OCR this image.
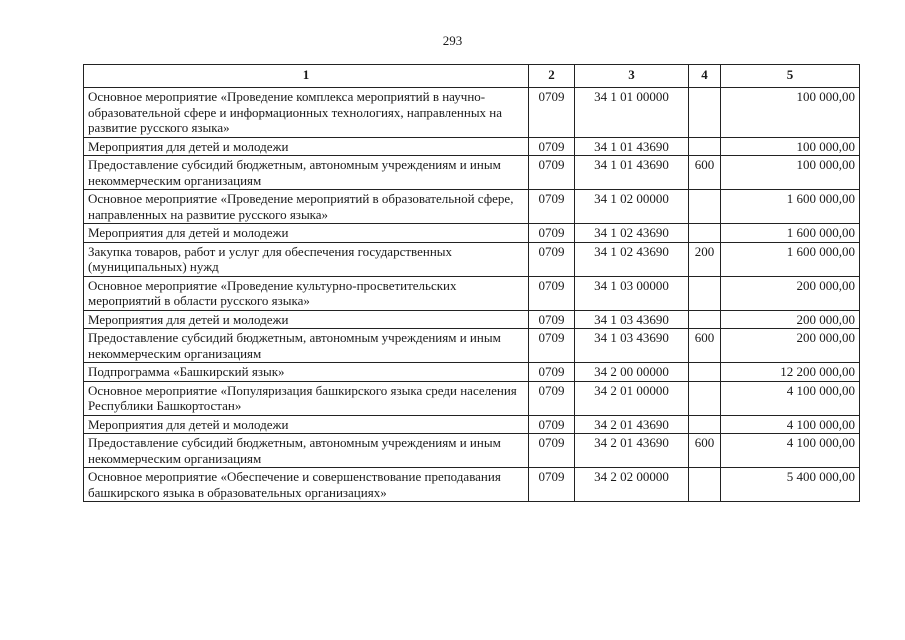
293
1	2	3	4	5
Основное мероприятие «Проведение комплекса мероприятий в научно-образовательной сфере и информационных технологиях, направленных на развитие русского языка»	0709	34 1 01 00000		100 000,00
Мероприятия для детей и молодежи	0709	34 1 01 43690		100 000,00
Предоставление субсидий бюджетным, автономным учреждениям и иным некоммерческим организациям	0709	34 1 01 43690	600	100 000,00
Основное мероприятие «Проведение мероприятий в образовательной сфере, направленных на развитие русского языка»	0709	34 1 02 00000		1 600 000,00
Мероприятия для детей и молодежи	0709	34 1 02 43690		1 600 000,00
Закупка товаров, работ и услуг для обеспечения государственных (муниципальных) нужд	0709	34 1 02 43690	200	1 600 000,00
Основное мероприятие «Проведение культурно-просветительских мероприятий в области русского языка»	0709	34 1 03 00000		200 000,00
Мероприятия для детей и молодежи	0709	34 1 03 43690		200 000,00
Предоставление субсидий бюджетным, автономным учреждениям и иным некоммерческим организациям	0709	34 1 03 43690	600	200 000,00
Подпрограмма «Башкирский язык»	0709	34 2 00 00000		12 200 000,00
Основное мероприятие «Популяризация башкирского языка среди населения Республики Башкортостан»	0709	34 2 01 00000		4 100 000,00
Мероприятия для детей и молодежи	0709	34 2 01 43690		4 100 000,00
Предоставление субсидий бюджетным, автономным учреждениям и иным некоммерческим организациям	0709	34 2 01 43690	600	4 100 000,00
Основное мероприятие «Обеспечение и совершенствование преподавания башкирского языка в образовательных организациях»	0709	34 2 02 00000		5 400 000,00
